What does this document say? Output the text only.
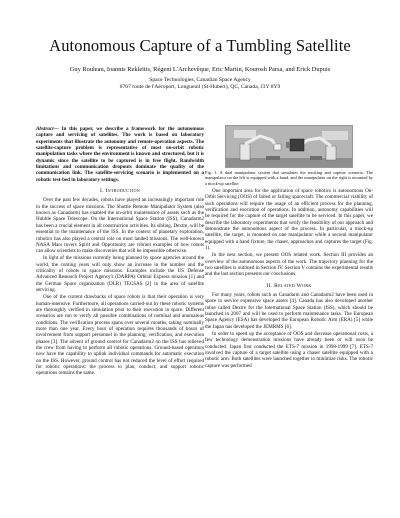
Autonomous Capture of a Tumbling Satellite
Guy Rouleau, Ioannis Rekleitis, Régent L'Archevêque, Eric Martin, Kourosh Parsa, and Erick Dupuis
Space Technologies, Canadian Space Agency
6767 route de l'Aéroport, Longueuil (St-Hubert), QC, Canada, J3Y 8Y9
Abstract— In this paper, we describe a framework for the autonomous capture and servicing of satellites. The work is based on laboratory experiments that illustrate the autonomy and remote-operation aspects. The satellite-capture problem is representative of most on-orbit robotic manipulation tasks where the environment is known and structured, but it is dynamic since the satellite to be captured is in free flight. Bandwidth limitations and communication dropouts dominate the quality of the communication link. The satellite-servicing scenario is implemented on a robotic test-bed in laboratory settings.
I. Introduction

Over the past few decades, robots have played an increasingly important role in the success of space missions. The Shuttle Remote Manipulator System (also known as Canadarm) has enabled the on-orbit maintenance of assets such as the Hubble Space Telescope. On the International Space Station (ISS), Canadarm2 has been a crucial element in all construction activities. Its sibling, Dextre, will be essential to the maintenance of the ISS. In the context of planetary exploration, robotics has also played a central role on most landed missions. The well-known NASA Mars rovers Spirit and Opportunity are vibrant examples of how robots can allow scientists to make discoveries that will be impossible otherwise.

In light of the missions currently being planned by space agencies around the world, the coming years will only show an increase in the number and the criticality of robots in space missions. Examples include the US Defense Advanced Research Project Agency's (DARPA) Orbital Express mission [1] and the German Space organization (DLR) TECSAS [2] in the area of satellite servicing.

One of the current drawbacks of space robots is that their operation is very human-intensive. Furthermore, all operations carried-out by these robotic systems are thoroughly verified in simulation prior to their execution in space. Different scenarios are run to verify all possible combinations of nominal and anomalous conditions. The verification process spans over several months, taking nominally more than one year. Every hour of operation requires thousands of hours of involvement from support personnel in the planning, verification, and execution phases [3]. The advent of ground control for Canadarm2 on the ISS has relieved the crew from having to perform all robotic operations. Ground-based operators now have the capability to uplink individual commands for automatic execution on the ISS. However, ground control has not reduced the level of effort required for robotic operations: the process to plan, conduct, and support robotic operations remains the same.

Fig. 1. A dual manipulator system that simulates the tracking and capture scenario. The manipulator on the left is equipped with a hand, and the manipulator on the right is mounted by a mock-up satellite.

One important area for the application of space robotics is autonomous On-Orbit Servicing (OOS) of failed or failing spacecraft. The commercial viability of such operations will require the usage of an efficient process for the planning, verification and execution of operations. In addition, autonomy capabilities will be required for the capture of the target satellite to be serviced. In this paper, we describe the laboratory experiments that verify the feasibility of our approach and demonstrate the autonomous aspect of the process. In particular, a mock-up satellite, the target, is mounted on one manipulator while a second manipulator equipped with a hand fixture, the chaser, approaches and captures the target (Fig. 1).

In the next section, we present OOS related work. Section III provides an overview of the autonomous aspects of the work. The trajectory planning for the two satellites is outlined in Section IV. Section V contains the experimental results and the last section presents our conclusions.

II. Related Work

For many years, robots such as Canadarm and Canadarm2 have been used in space to service expensive space assets [4]. Canada has also developed another robot called Dextre for the International Space Station (ISS), which should be launched in 2007 and will be used to perform maintenance tasks. The European Space Agency (ESA) has developed the European Robotic Arm (ERA) [5] while the Japan has developed the JEMRMS [6].

In order to speed up the acceptance of OOS and decrease operational costs, a few technology demonstration missions have already been or will soon be conducted. Japan first conducted the ETS-7 mission in 1998-1999 [7]. ETS-7 involved the capture of a target satellite using a chaser satellite equipped with a robotic arm. Both satellites were launched together to minimize risks. The robotic capture was performed
